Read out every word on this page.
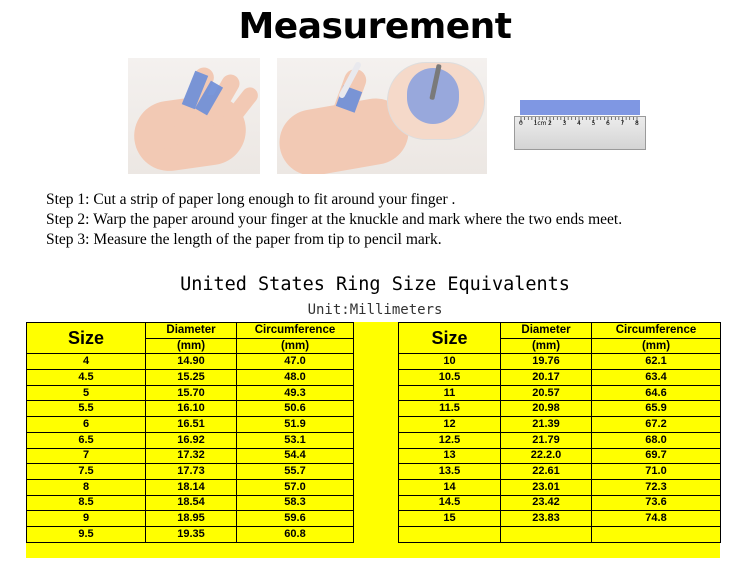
Measurement
0 1cm 2 3 4 5 6 7 8
Step 1: Cut a strip of paper long enough to fit around your finger .
Step 2: Warp the paper around your finger at the knuckle and mark where the two ends meet.
Step 3: Measure the length of the paper from tip to pencil mark.
United States Ring Size Equivalents
Unit:Millimeters
Size	Diameter	Circumference
	(mm)	(mm)
4	14.90	47.0
4.5	15.25	48.0
5	15.70	49.3
5.5	16.10	50.6
6	16.51	51.9
6.5	16.92	53.1
7	17.32	54.4
7.5	17.73	55.7
8	18.14	57.0
8.5	18.54	58.3
9	18.95	59.6
9.5	19.35	60.8
Size	Diameter	Circumference
	(mm)	(mm)
10	19.76	62.1
10.5	20.17	63.4
11	20.57	64.6
11.5	20.98	65.9
12	21.39	67.2
12.5	21.79	68.0
13	22.2.0	69.7
13.5	22.61	71.0
14	23.01	72.3
14.5	23.42	73.6
15	23.83	74.8
